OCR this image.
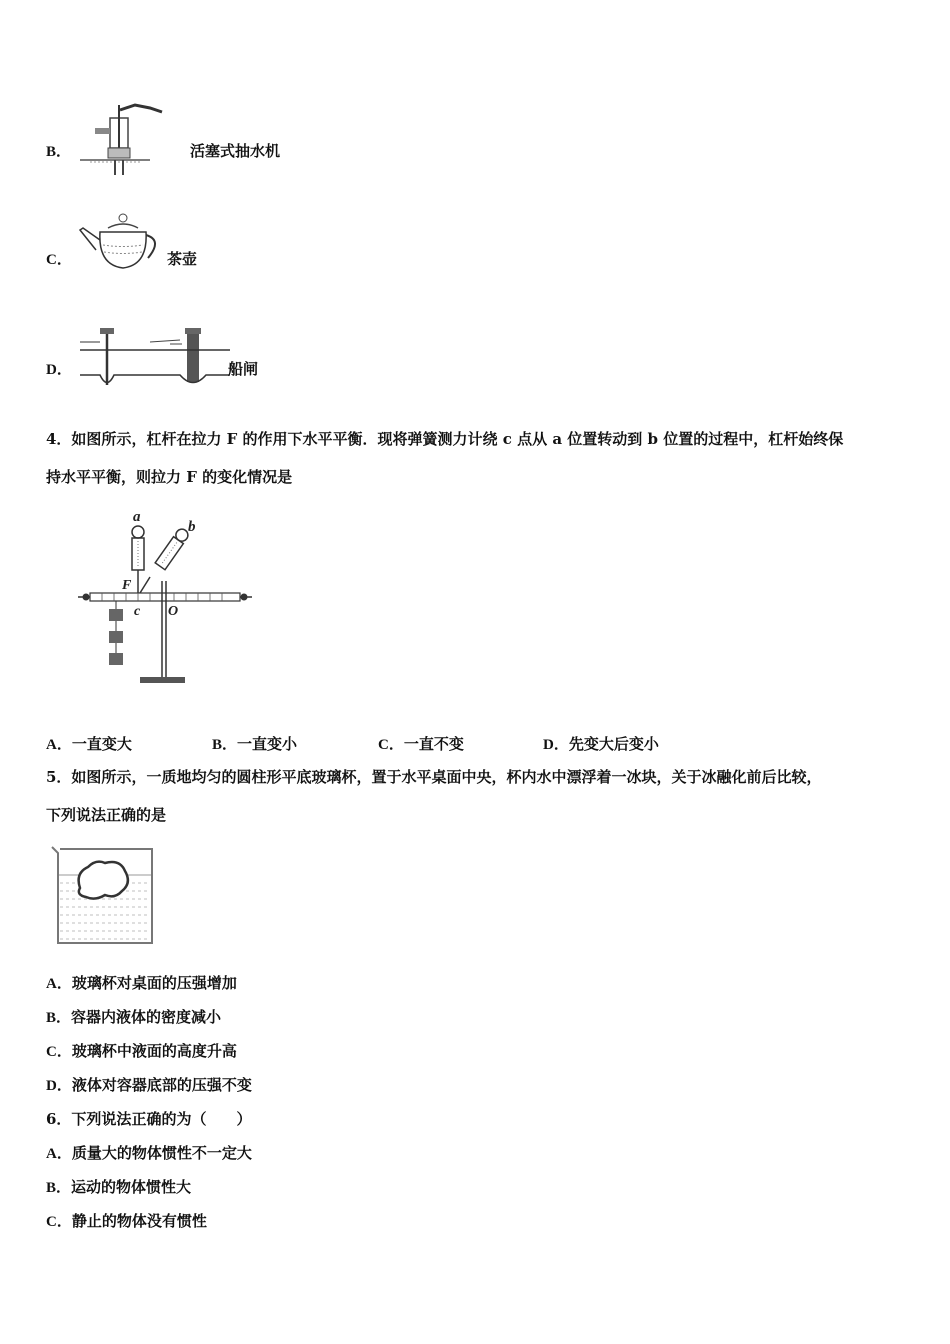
B．	活塞式抽水机
C．	茶壶
D．	船闸
4．如图所示，杠杆在拉力 F 的作用下水平平衡．现将弹簧测力计绕 c 点从 a 位置转动到 b 位置的过程中，杠杆始终保
持水平平衡，则拉力 F 的变化情况是
a
b
F
c O
A．一直变大	B．一直变小	C．一直不变	D．先变大后变小
5．如图所示，一质地均匀的圆柱形平底玻璃杯，置于水平桌面中央，杯内水中漂浮着一冰块，关于冰融化前后比较，
下列说法正确的是
A．玻璃杯对桌面的压强增加
B．容器内液体的密度减小
C．玻璃杯中液面的高度升高
D．液体对容器底部的压强不变
6．下列说法正确的为（　　）
A．质量大的物体惯性不一定大
B．运动的物体惯性大
C．静止的物体没有惯性
